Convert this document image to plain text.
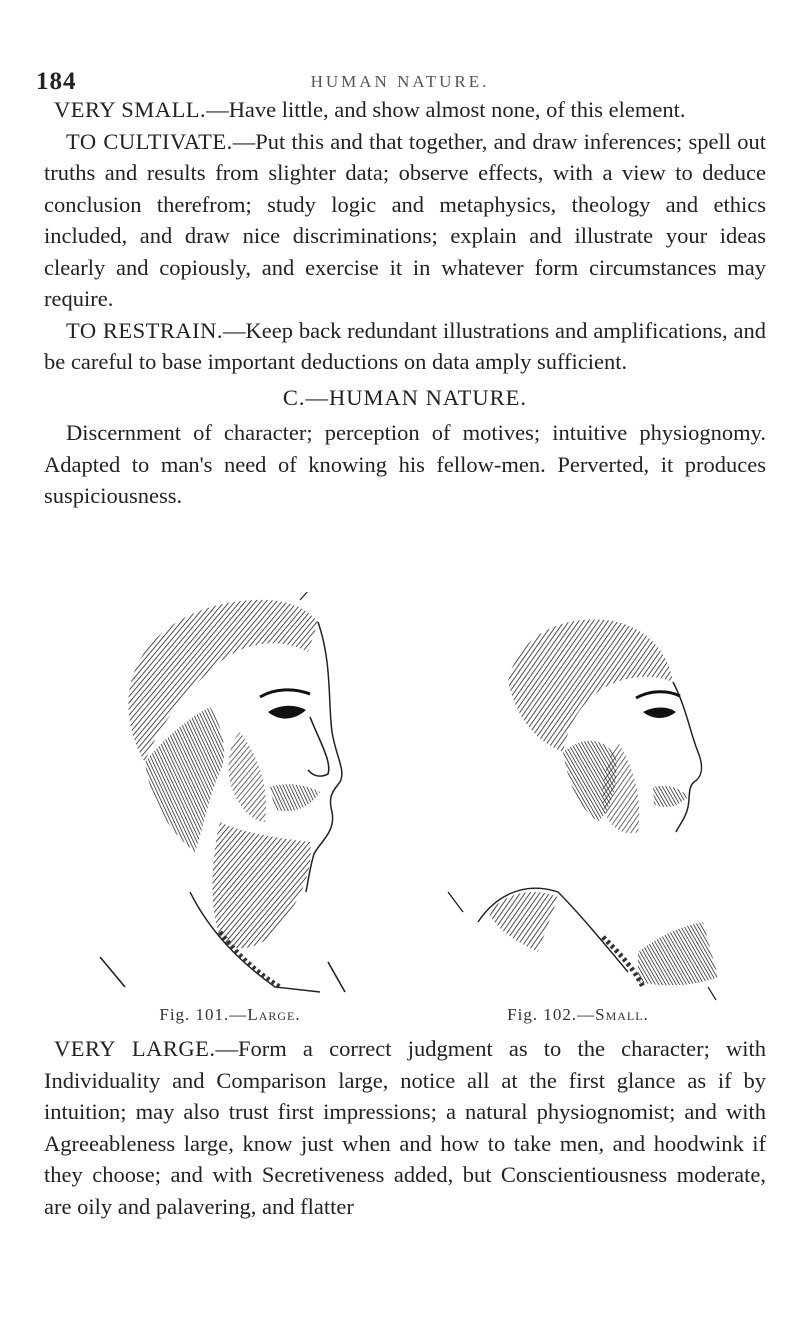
184	HUMAN NATURE.

VERY SMALL.—Have little, and show almost none, of this element.

TO CULTIVATE.—Put this and that together, and draw inferences; spell out truths and results from slighter data; observe effects, with a view to deduce conclusion therefrom; study logic and metaphysics, theology and ethics included, and draw nice discriminations; explain and illustrate your ideas clearly and copiously, and exercise it in whatever form circumstances may require.

TO RESTRAIN.—Keep back redundant illustrations and amplifications, and be careful to base important deductions on data amply sufficient.

C.—HUMAN NATURE.

Discernment of character; perception of motives; intuitive physiognomy. Adapted to man's need of knowing his fellow-men. Perverted, it produces suspiciousness.

Fig. 101.—Large.	Fig. 102.—Small.

VERY LARGE.—Form a correct judgment as to the character; with Individuality and Comparison large, notice all at the first glance as if by intuition; may also trust first impressions; a natural physiognomist; and with Agreeableness large, know just when and how to take men, and hoodwink if they choose; and with Secretiveness added, but Conscientiousness moderate, are oily and palavering, and flatter
